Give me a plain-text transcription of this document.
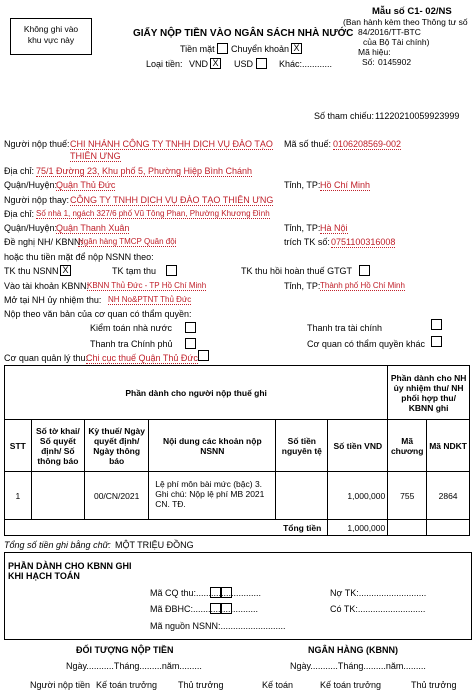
Không ghi vào
khu vực này
Mẫu số C1- 02/NS
(Ban hành kèm theo Thông tư số
84/2016/TT-BTC
của Bộ Tài chính)
Mã hiệu:
Số: 0145902
GIẤY NỘP TIỀN VÀO NGÂN SÁCH NHÀ NƯỚC
Tiền mặt Chuyển khoản X
Loại tiền: VND X USD	Khác:............
Số tham chiếu: 11220210059923999
Người nộp thuế: CHI NHÁNH CÔNG TY TNHH DỊCH VỤ ĐÀO TẠO
THIÊN ƯNG
Mã số thuế: 0106208569-002
Địa chỉ: 75/1 Đường 23, Khu phố 5, Phường Hiệp Bình Chánh
Quận/Huyện:
Quận Thủ Đức	Tỉnh, TP: Hồ Chí Minh
Người nộp thay: CÔNG TY TNHH DỊCH VỤ ĐÀO TẠO THIÊN ƯNG
Địa chỉ: Số nhà 1, ngách 327/6 phố Vũ Tông Phan, Phường Khương Đình
Quận/Huyện:
Quận Thanh Xuân	Tỉnh, TP: Hà Nội
Đề nghị NH/ KBNN:
Ngân hàng TMCP Quân đội	trích TK số: 0751100316008
hoặc thu tiền mặt để nộp NSNN theo:
TK thu NSNN X	TK tạm thu	TK thu hồi hoàn thuế GTGT
Vào tài khoản KBNN:
KBNN Thủ Đức - TP Hồ Chí Minh	Tỉnh, TP: Thành phố Hồ Chí Minh
Mở tại NH ủy nhiệm thu: NH No&PTNT Thủ Đức
Nộp theo văn bản của cơ quan có thẩm quyền:
Kiểm toán nhà nước	Thanh tra tài chính
Thanh tra Chính phủ	Cơ quan có thẩm quyền khác
Cơ quan quản lý thu:
Chi cục thuế Quận Thủ Đức
Phần dành cho người nộp thuế ghi						Phần dành cho NH ủy nhiệm thu/ NH phối hợp thu/ KBNN ghi	
STT	Số tờ khai/ Số quyết định/ Số thông báo	Kỳ thuế/ Ngày quyết định/ Ngày thông báo	Nội dung các khoản nộp NSNN	Số tiền nguyên tệ	Số tiền VND	Mã chương	Mã NDKT
1		00/CN/2021	Lệ phí môn bài mức (bậc) 3.
Ghi chú: Nộp lệ phí MB 2021 CN. TĐ.		1,000,000	755	2864
Tổng tiền					1,000,000		
Tổng số tiền ghi bằng chữ: MỘT TRIỆU ĐỒNG
PHẦN DÀNH CHO KBNN GHI
KHI HẠCH TOÁN
Mã CQ thu:..........................
Mã ĐBHC:..........................
Mã nguồn NSNN:..........................
Nợ TK:...........................
Có TK:...........................
ĐỐI TƯỢNG NỘP TIỀN	NGÂN HÀNG (KBNN)
Ngày...........Tháng.........năm.........	Ngày...........Tháng.........năm.........
Người nộp tiền Kế toán trưởng Thủ trưởng	Kế toán	Kế toán trưởng	Thủ trưởng
